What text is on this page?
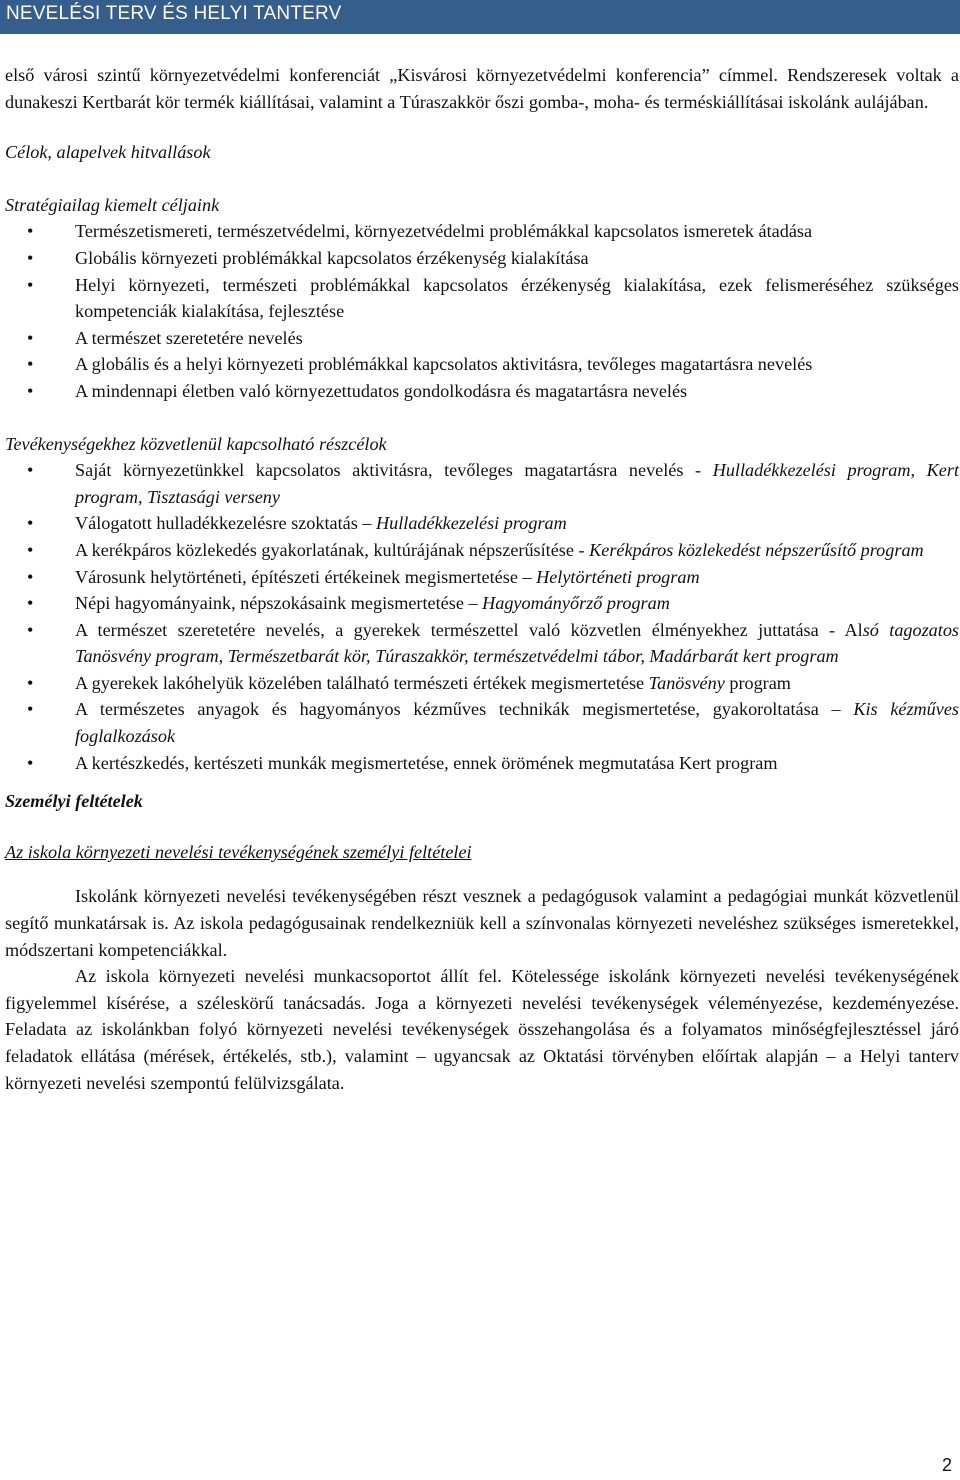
NEVELÉSI TERV ÉS HELYI TANTERV

első városi szintű környezetvédelmi konferenciát „Kisvárosi környezetvédelmi konferencia” címmel. Rendszeresek voltak a dunakeszi Kertbarát kör termék kiállításai, valamint a Túraszakkör őszi gomba-, moha- és terméskiállításai iskolánk aulájában.

Célok, alapelvek hitvallások

Stratégiailag kiemelt céljaink

• Természetismereti, természetvédelmi, környezetvédelmi problémákkal kapcsolatos ismeretek átadása
• Globális környezeti problémákkal kapcsolatos érzékenység kialakítása
• Helyi környezeti, természeti problémákkal kapcsolatos érzékenység kialakítása, ezek felismeréséhez szükséges kompetenciák kialakítása, fejlesztése
• A természet szeretetére nevelés
• A globális és a helyi környezeti problémákkal kapcsolatos aktivitásra, tevőleges magatartásra nevelés
• A mindennapi életben való környezettudatos gondolkodásra és magatartásra nevelés

Tevékenységekhez közvetlenül kapcsolható részcélok

• Saját környezetünkkel kapcsolatos aktivitásra, tevőleges magatartásra nevelés - Hulladékkezelési program, Kert program, Tisztasági verseny
• Válogatott hulladékkezelésre szoktatás – Hulladékkezelési program
• A kerékpáros közlekedés gyakorlatának, kultúrájának népszerűsítése - Kerékpáros közlekedést népszerűsítő program
• Városunk helytörténeti, építészeti értékeinek megismertetése – Helytörténeti program
• Népi hagyományaink, népszokásaink megismertetése – Hagyományőrző program
• A természet szeretetére nevelés, a gyerekek természettel való közvetlen élményekhez juttatása - Alsó tagozatos Tanösvény program, Természetbarát kör, Túraszakkör, természetvédelmi tábor, Madárbarát kert program
• A gyerekek lakóhelyük közelében található természeti értékek megismertetése Tanösvény program
• A természetes anyagok és hagyományos kézműves technikák megismertetése, gyakoroltatása – Kis kézműves foglalkozások
• A kertészkedés, kertészeti munkák megismertetése, ennek örömének megmutatása Kert program

Személyi feltételek

Az iskola környezeti nevelési tevékenységének személyi feltételei

Iskolánk környezeti nevelési tevékenységében részt vesznek a pedagógusok valamint a pedagógiai munkát közvetlenül segítő munkatársak is. Az iskola pedagógusainak rendelkezniük kell a színvonalas környezeti neveléshez szükséges ismeretekkel, módszertani kompetenciákkal.

Az iskola környezeti nevelési munkacsoportot állít fel. Kötelessége iskolánk környezeti nevelési tevékenységének figyelemmel kísérése, a széleskörű tanácsadás. Joga a környezeti nevelési tevékenységek véleményezése, kezdeményezése. Feladata az iskolánkban folyó környezeti nevelési tevékenységek összehangolása és a folyamatos minőségfejlesztéssel járó feladatok ellátása (mérések, értékelés, stb.), valamint – ugyancsak az Oktatási törvényben előírtak alapján – a Helyi tanterv környezeti nevelési szempontú felülvizsgálata.

2
